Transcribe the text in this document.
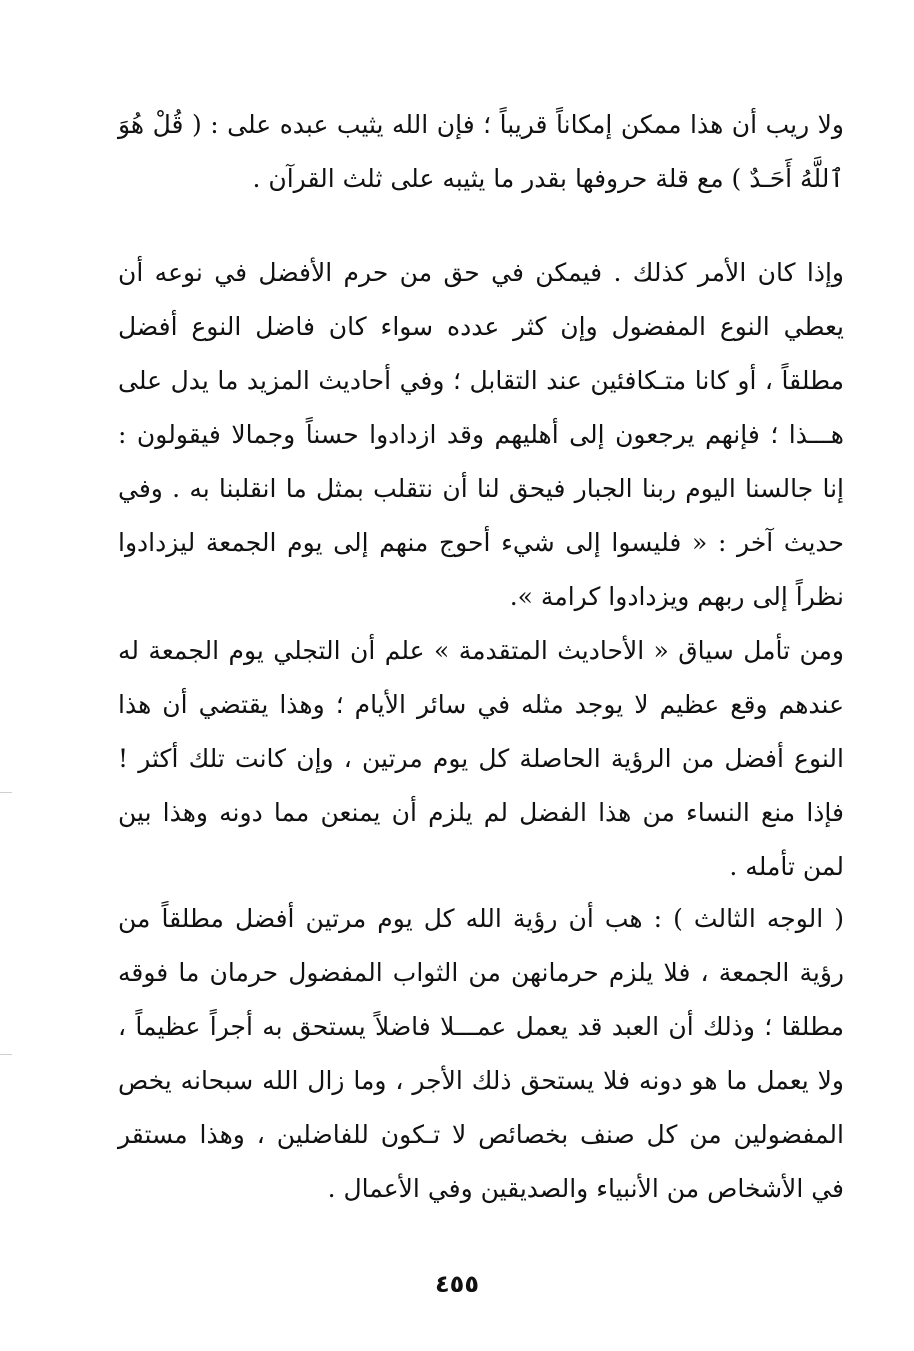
ولا ريب أن هذا ممكن إمكاناً قريباً ؛ فإن الله يثيب عبده على : ( قُلْ هُوَ ٱللَّهُ أَحَـدٌ ) مع قلة حروفها بقدر ما يثيبه على ثلث القرآن .

وإذا كان الأمر كذلك . فيمكن في حق من حرم الأفضل في نوعه أن يعطي النوع المفضول وإن كثر عدده سواء كان فاضل النوع أفضل مطلقاً ، أو كانا متـكافئين عند التقابل ؛ وفي أحاديث المزيد ما يدل على هـــذا ؛ فإنهم يرجعون إلى أهليهم وقد ازدادوا حسناً وجمالا فيقولون : إنا جالسنا اليوم ربنا الجبار فيحق لنا أن نتقلب بمثل ما انقلبنا به . وفي حديث آخر : « فليسوا إلى شيء أحوج منهم إلى يوم الجمعة ليزدادوا نظراً إلى ربهم ويزدادوا كرامة ».

ومن تأمل سياق « الأحاديث المتقدمة » علم أن التجلي يوم الجمعة له عندهم وقع عظيم لا يوجد مثله في سائر الأيام ؛ وهذا يقتضي أن هذا النوع أفضل من الرؤية الحاصلة كل يوم مرتين ، وإن كانت تلك أكثر ! فإذا منع النساء من هذا الفضل لم يلزم أن يمنعن مما دونه وهذا بين لمن تأمله .

( الوجه الثالث ) : هب أن رؤية الله كل يوم مرتين أفضل مطلقاً من رؤية الجمعة ، فلا يلزم حرمانهن من الثواب المفضول حرمان ما فوقه مطلقا ؛ وذلك أن العبد قد يعمل عمـــلا فاضلاً يستحق به أجراً عظيماً ، ولا يعمل ما هو دونه فلا يستحق ذلك الأجر ، وما زال الله سبحانه يخص المفضولين من كل صنف بخصائص لا تـكون للفاضلين ، وهذا مستقر في الأشخاص من الأنبياء والصديقين وفي الأعمال .

٤٥٥
